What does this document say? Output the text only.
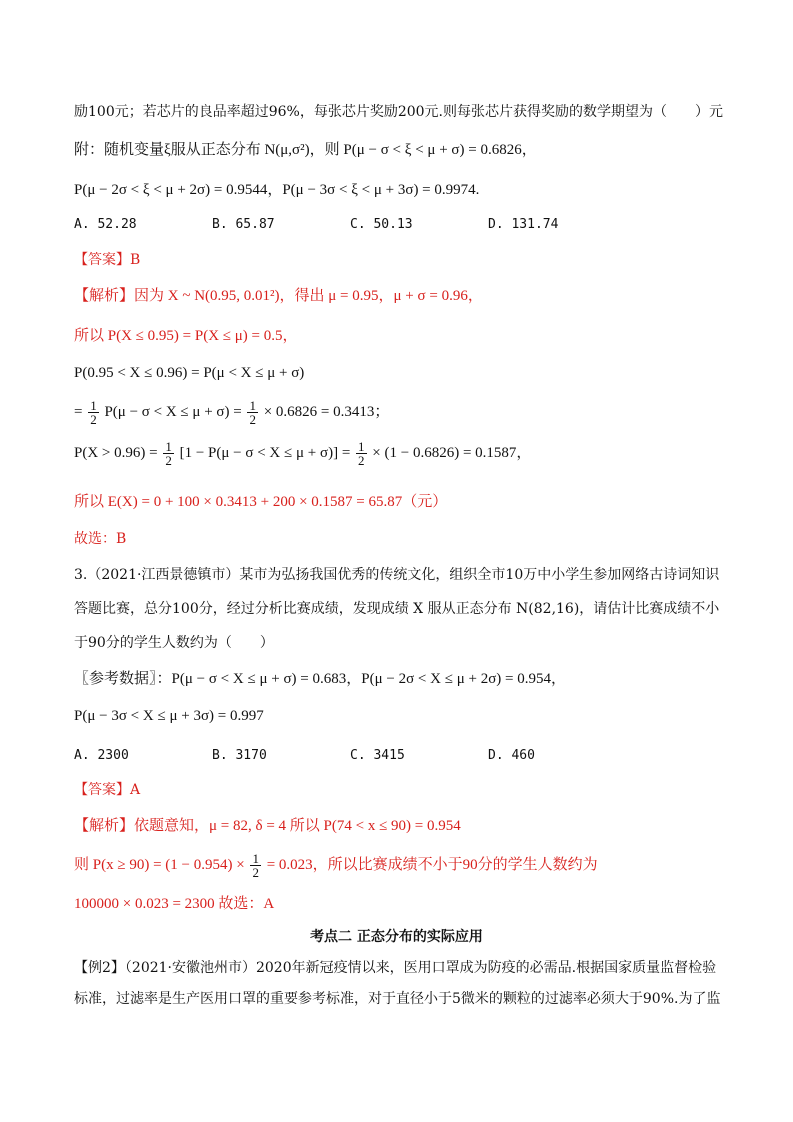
励100元；若芯片的良品率超过96%，每张芯片奖励200元.则每张芯片获得奖励的数学期望为（　　）元
附：随机变量ξ服从正态分布 N(μ,σ²)，则 P(μ − σ < ξ < μ + σ) = 0.6826，
P(μ − 2σ < ξ < μ + 2σ) = 0.9544，P(μ − 3σ < ξ < μ + 3σ) = 0.9974.
A. 52.28	B. 65.87	C. 50.13	D. 131.74
【答案】B
【解析】因为 X ~ N(0.95, 0.01²)，得出 μ = 0.95，μ + σ = 0.96，
所以 P(X ≤ 0.95) = P(X ≤ μ) = 0.5，
P(0.95 < X ≤ 0.96) = P(μ < X ≤ μ + σ)
= $\frac{1}{2} P(\mu - \sigma < X \le \mu + \sigma) = \frac{1}{2} \times 0.6826 = 0.3413$；
$P(X > 0.96) = \frac{1}{2} [1 - P(\mu - \sigma < X \le \mu + \sigma)] = \frac{1}{2} \times (1 - 0.6826) = 0.1587$，
所以 E(X) = 0 + 100 × 0.3413 + 200 × 0.1587 = 65.87（元）
故选：B
3.（2021·江西景德镇市）某市为弘扬我国优秀的传统文化，组织全市10万中小学生参加网络古诗词知识
答题比赛，总分100分，经过分析比赛成绩，发现成绩 X 服从正态分布 N(82,16)，请估计比赛成绩不小
于90分的学生人数约为（　　）
〖参考数据〗：P(μ − σ < X ≤ μ + σ) = 0.683，P(μ − 2σ < X ≤ μ + 2σ) = 0.954，
P(μ − 3σ < X ≤ μ + 3σ) = 0.997
A. 2300	B. 3170	C. 3415	D. 460
【答案】A
【解析】依题意知，μ = 82, δ = 4 所以 P(74 < x ≤ 90) = 0.954
则 $P(x \ge 90) = (1 - 0.954) \times \frac{1}{2} = 0.023$，所以比赛成绩不小于90分的学生人数约为
100000 × 0.023 = 2300 故选：A
考点二 正态分布的实际应用
【例2】（2021·安徽池州市）2020年新冠疫情以来，医用口罩成为防疫的必需品.根据国家质量监督检验
标准，过滤率是生产医用口罩的重要参考标准，对于直径小于5微米的颗粒的过滤率必须大于90%.为了监
